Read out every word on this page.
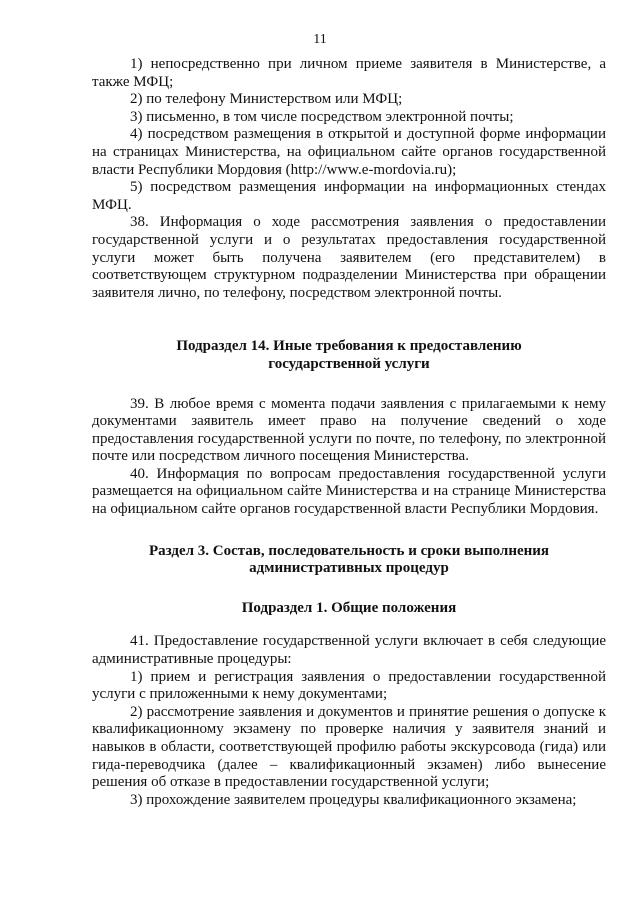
11

1) непосредственно при личном приеме заявителя в Министерстве, а также МФЦ;

2) по телефону Министерством или МФЦ;

3) письменно, в том числе посредством электронной почты;

4) посредством размещения в открытой и доступной форме информации на страницах Министерства, на официальном сайте органов государственной власти Республики Мордовия (http://www.e-mordovia.ru);

5) посредством размещения информации на информационных стендах МФЦ.

38. Информация о ходе рассмотрения заявления о предоставлении государственной услуги и о результатах предоставления государственной услуги может быть получена заявителем (его представителем) в соответствующем структурном подразделении Министерства при обращении заявителя лично, по телефону, посредством электронной почты.

Подраздел 14. Иные требования к предоставлению
государственной услуги

39. В любое время с момента подачи заявления с прилагаемыми к нему документами заявитель имеет право на получение сведений о ходе предоставления государственной услуги по почте, по телефону, по электронной почте или посредством личного посещения Министерства.

40. Информация по вопросам предоставления государственной услуги размещается на официальном сайте Министерства и на странице Министерства на официальном сайте органов государственной власти Республики Мордовия.

Раздел 3. Состав, последовательность и сроки выполнения
административных процедур
Подраздел 1. Общие положения

41. Предоставление государственной услуги включает в себя следующие административные процедуры:

1) прием и регистрация заявления о предоставлении государственной услуги с приложенными к нему документами;

2) рассмотрение заявления и документов и принятие решения о допуске к квалификационному экзамену по проверке наличия у заявителя знаний и навыков в области, соответствующей профилю работы экскурсовода (гида) или гида-переводчика (далее – квалификационный экзамен) либо вынесение решения об отказе в предоставлении государственной услуги;

3) прохождение заявителем процедуры квалификационного экзамена;
